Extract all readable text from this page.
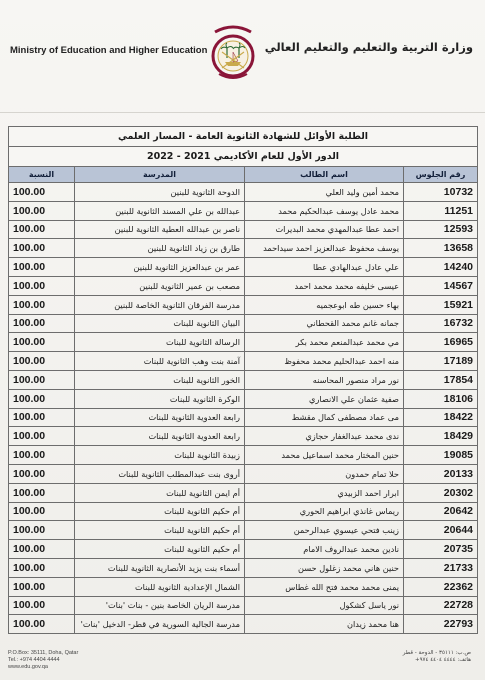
Ministry of Education and Higher Education	وزارة التربية والتعليم والتعليم العالي
الطلبة الأوائل للشهادة الثانوية العامة - المسار العلمي			
الدور الأول للعام الأكاديمي 2021 - 2022			
رقم الجلوس	اسم الطالب	المدرسة	النسبة
10732	محمد أمين وليد العلي	الدوحة الثانوية للبنين	100.00
11251	محمد عادل يوسف عبدالحكيم محمد	عبدالله بن علي المسند الثانوية للبنين	100.00
12593	احمد عطا عبدالمهدي محمد البديرات	ناصر بن عبدالله العطية الثانوية للبنين	100.00
13658	يوسف محفوظ عبدالعزيز احمد سيداحمد	طارق بن زياد الثانوية للبنين	100.00
14240	علي عادل عبدالهادي عطا	عمر بن عبدالعزيز الثانوية للبنين	100.00
14567	عيسى خليفه محمد محمد احمد	مصعب بن عمير الثانوية للبنين	100.00
15921	بهاء حسين طه ابوعجميه	مدرسة الفرقان الثانوية الخاصة للبنين	100.00
16732	جمانه غانم محمد القحطاني	البيان الثانوية للبنات	100.00
16965	مي محمد عبدالمنعم محمد بكر	الرسالة الثانوية للبنات	100.00
17189	منه احمد عبدالحليم محمد محفوظ	آمنة بنت وهب الثانوية للبنات	100.00
17854	نور مراد منصور المحاسنه	الخور الثانوية للبنات	100.00
18106	صفية عثمان علي الانصاري	الوكرة الثانوية للبنات	100.00
18422	مى عماد مصطفى كمال مقشط	رابعة العدوية الثانوية للبنات	100.00
18429	ندى محمد عبدالغفار حجازي	رابعة العدوية الثانوية للبنات	100.00
19085	حنين المختار محمد اسماعيل محمد	زبيدة الثانوية للبنات	100.00
20133	حلا تمام حمدون	أروى بنت عبدالمطلب الثانوية للبنات	100.00
20302	ابرار احمد الزبيدي	أم ايمن الثانوية للبنات	100.00
20642	ريماس غانذي ابراهيم الحوري	أم حكيم الثانوية للبنات	100.00
20644	زينب فتحي عيسوي عبدالرحمن	أم حكيم الثانوية للبنات	100.00
20735	نادين محمد عبدالروف الامام	أم حكيم الثانوية للبنات	100.00
21733	حنين هاني محمد زغلول حسن	أسماء بنت يزيد الأنصارية الثانوية للبنات	100.00
22362	يمنى محمد محمد فتح الله غطاس	الشمال الإعدادية الثانوية للبنات	100.00
22728	نور ياسل كشكول	مدرسة الريان الخاصة بنين - بنات 'بنات'	100.00
22793	هنا محمد زيدان	مدرسة الجالية السورية في قطر- الدخيل 'بنات'	100.00
P.O.Box: 35111, Doha, Qatar
Tel.: +974 4404 4444
www.edu.gov.qa
ص.ب: ٣٥١١١ - الدوحة - قطر
هاتف: ٤٤٤٤ ٤٤٠٤ ٩٧٤+
